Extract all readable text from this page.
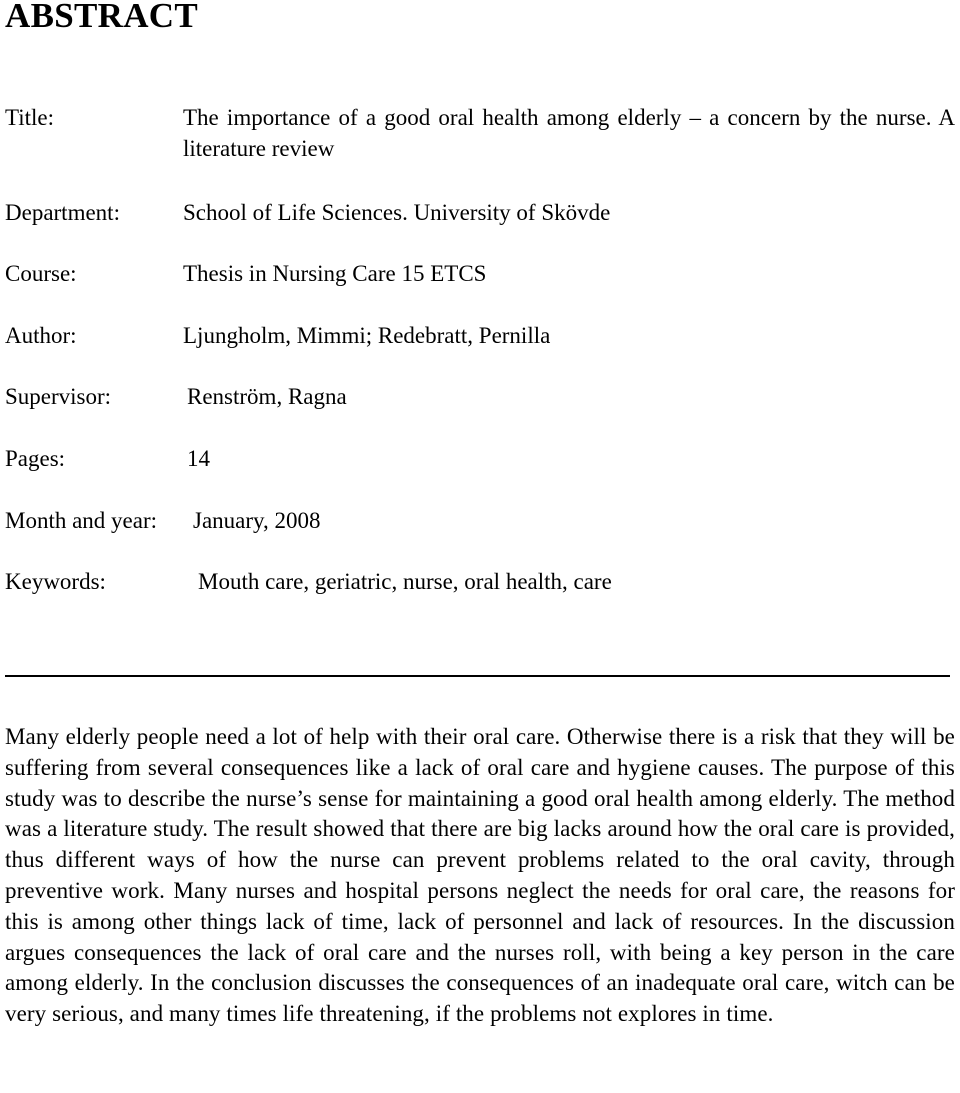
ABSTRACT
Title:	The importance of a good oral health among elderly – a concern by the nurse. A literature review
Department:	School of Life Sciences. University of Skövde
Course:	Thesis in Nursing Care 15 ETCS
Author:	Ljungholm, Mimmi; Redebratt, Pernilla
Supervisor:	Renström, Ragna
Pages:	14
Month and year: January, 2008
Keywords:	Mouth care, geriatric, nurse, oral health, care

Many elderly people need a lot of help with their oral care. Otherwise there is a risk that they will be suffering from several consequences like a lack of oral care and hygiene causes. The purpose of this study was to describe the nurse’s sense for maintaining a good oral health among elderly. The method was a literature study. The result showed that there are big lacks around how the oral care is provided, thus different ways of how the nurse can prevent problems related to the oral cavity, through preventive work. Many nurses and hospital persons neglect the needs for oral care, the reasons for this is among other things lack of time, lack of personnel and lack of resources. In the discussion argues consequences the lack of oral care and the nurses roll, with being a key person in the care among elderly. In the conclusion discusses the consequences of an inadequate oral care, witch can be very serious, and many times life threatening, if the problems not explores in time.
